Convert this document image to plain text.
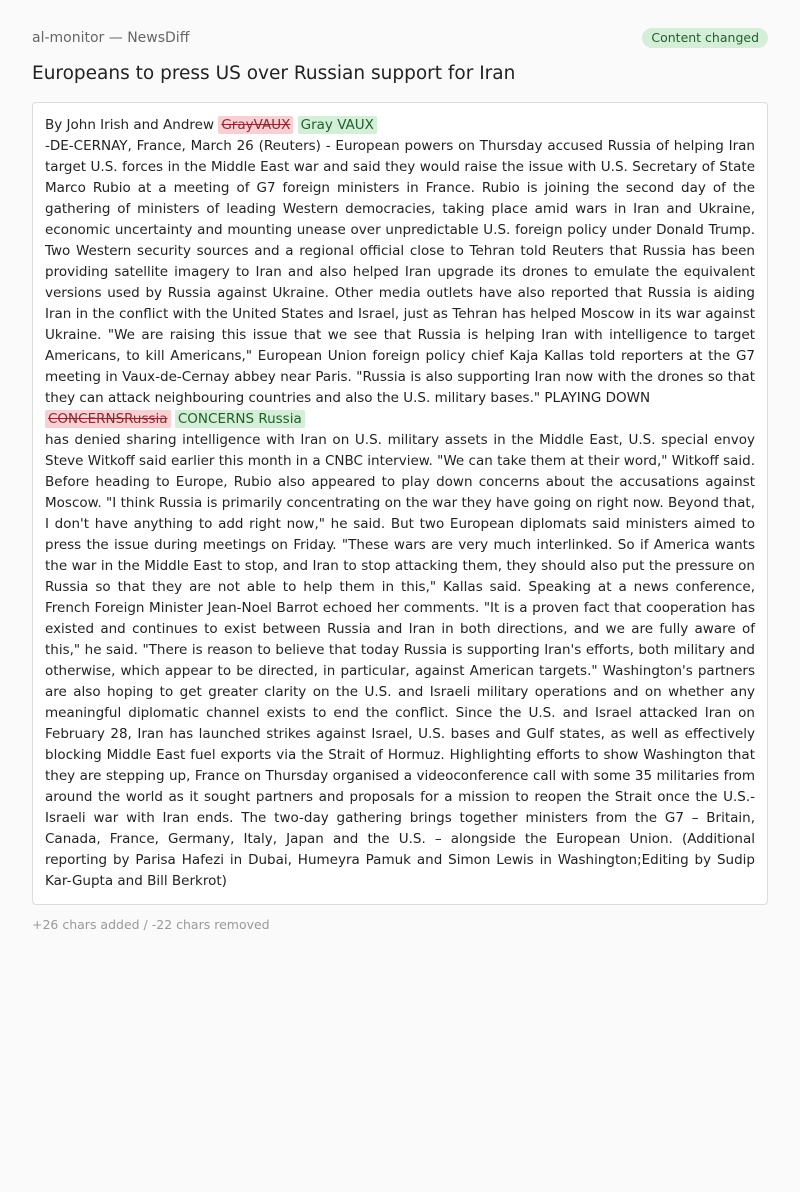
al-monitor — NewsDiff	Content changed
Europeans to press US over Russian support for Iran
By John Irish and Andrew GrayVAUX Gray VAUX

-DE-CERNAY, France, March 26 (Reuters) - European powers on Thursday accused Russia of helping Iran target U.S. forces in the Middle East war and said they would raise the issue with U.S. Secretary of State Marco Rubio at a meeting of G7 foreign ministers in France. Rubio is joining the second day of the gathering of ministers of leading Western democracies, taking place amid wars in Iran and Ukraine, economic uncertainty and mounting unease over unpredictable U.S. foreign policy under Donald Trump. Two Western security sources and a regional official close to Tehran told Reuters that Russia has been providing satellite imagery to Iran and also helped Iran upgrade its drones to emulate the equivalent versions used by Russia against Ukraine. Other media outlets have also reported that Russia is aiding Iran in the conflict with the United States and Israel, just as Tehran has helped Moscow in its war against Ukraine. "We are raising this issue that we see that Russia is helping Iran with intelligence to target Americans, to kill Americans," European Union foreign policy chief Kaja Kallas told reporters at the G7 meeting in Vaux-de-Cernay abbey near Paris. "Russia is also supporting Iran now with the drones so that they can attack neighbouring countries and also the U.S. military bases." PLAYING DOWN

CONCERNSRussia CONCERNS Russia

has denied sharing intelligence with Iran on U.S. military assets in the Middle East, U.S. special envoy Steve Witkoff said earlier this month in a CNBC interview. "We can take them at their word," Witkoff said. Before heading to Europe, Rubio also appeared to play down concerns about the accusations against Moscow. "I think Russia is primarily concentrating on the war they have going on right now. Beyond that, I don't have anything to add right now," he said. But two European diplomats said ministers aimed to press the issue during meetings on Friday. "These wars are very much interlinked. So if America wants the war in the Middle East to stop, and Iran to stop attacking them, they should also put the pressure on Russia so that they are not able to help them in this," Kallas said. Speaking at a news conference, French Foreign Minister Jean-Noel Barrot echoed her comments. "It is a proven fact that cooperation has existed and continues to exist between Russia and Iran in both directions, and we are fully aware of this," he said. "There is reason to believe that today Russia is supporting Iran's efforts, both military and otherwise, which appear to be directed, in particular, against American targets." Washington's partners are also hoping to get greater clarity on the U.S. and Israeli military operations and on whether any meaningful diplomatic channel exists to end the conflict. Since the U.S. and Israel attacked Iran on February 28, Iran has launched strikes against Israel, U.S. bases and Gulf states, as well as effectively blocking Middle East fuel exports via the Strait of Hormuz. Highlighting efforts to show Washington that they are stepping up, France on Thursday organised a videoconference call with some 35 militaries from around the world as it sought partners and proposals for a mission to reopen the Strait once the U.S.-Israeli war with Iran ends. The two-day gathering brings together ministers from the G7 – Britain, Canada, France, Germany, Italy, Japan and the U.S. – alongside the European Union. (Additional reporting by Parisa Hafezi in Dubai, Humeyra Pamuk and Simon Lewis in Washington;Editing by Sudip Kar-Gupta and Bill Berkrot)

+26 chars added / -22 chars removed
